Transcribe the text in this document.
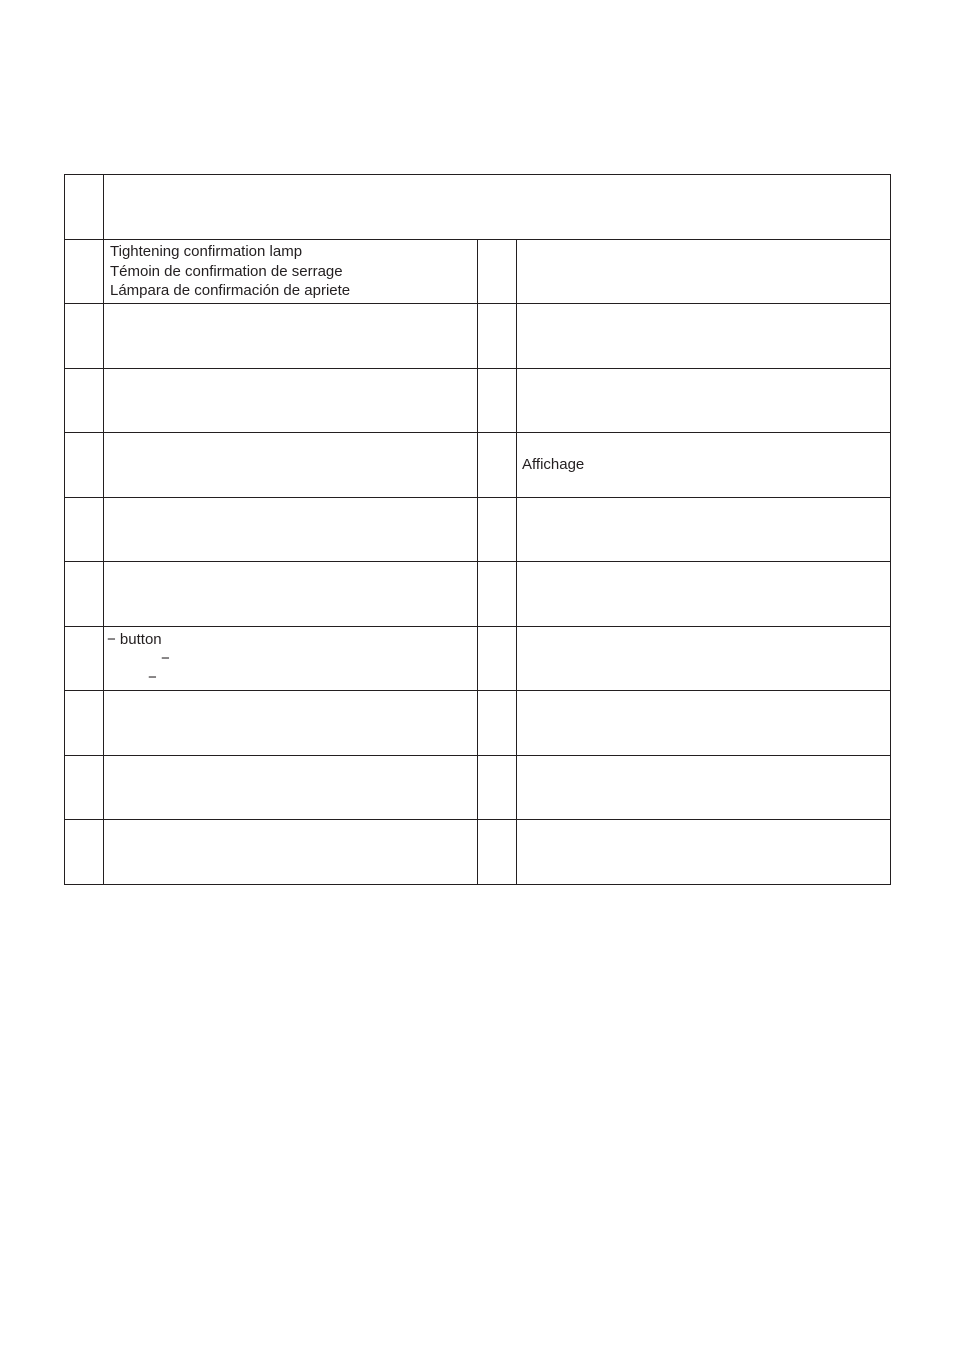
Tightening confirmation lamp
Témoin de confirmation de serrage
Lámpara de confirmación de apriete
Affichage
− button
−
−
